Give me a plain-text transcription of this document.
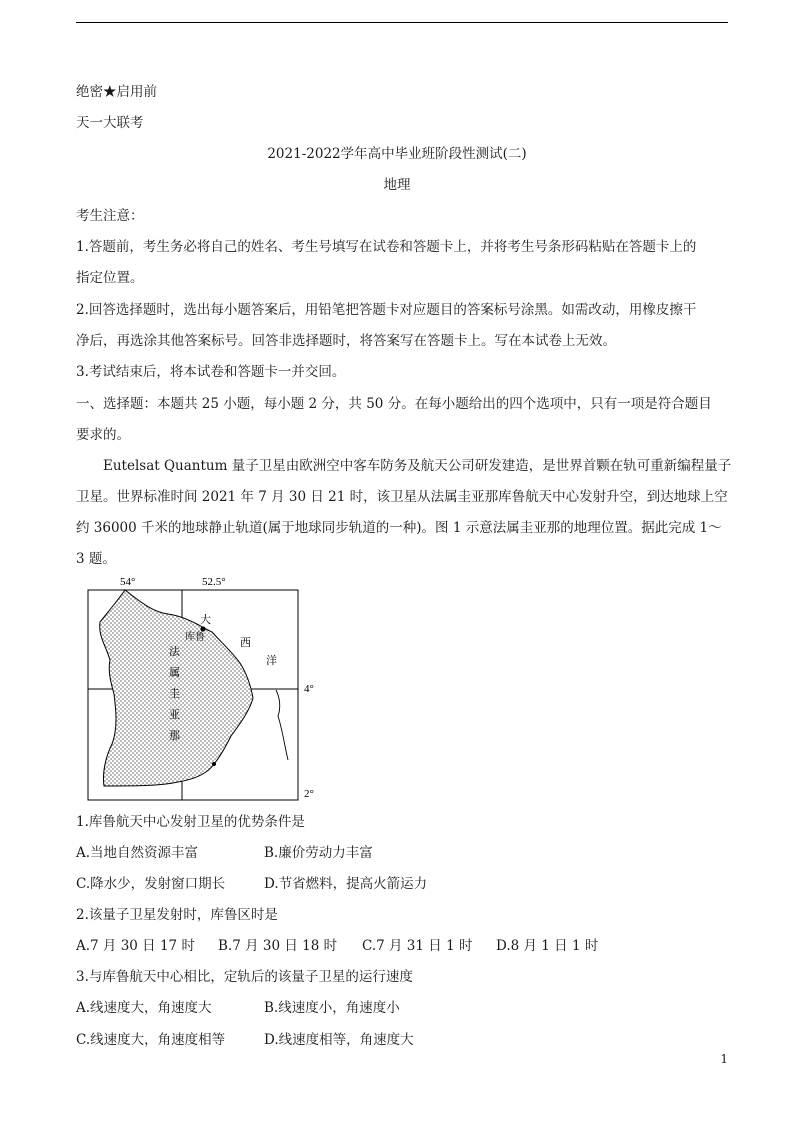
绝密★启用前
天一大联考
2021-2022学年高中毕业班阶段性测试(二)
地理
考生注意：
1.答题前，考生务必将自己的姓名、考生号填写在试卷和答题卡上，并将考生号条形码粘贴在答题卡上的
指定位置。
2.回答选择题时，选出每小题答案后，用铅笔把答题卡对应题目的答案标号涂黑。如需改动，用橡皮擦干
净后，再选涂其他答案标号。回答非选择题时，将答案写在答题卡上。写在本试卷上无效。
3.考试结束后，将本试卷和答题卡一并交回。
一、选择题：本题共 25 小题，每小题 2 分，共 50 分。在每小题给出的四个选项中，只有一项是符合题目
要求的。
Eutelsat Quantum 量子卫星由欧洲空中客车防务及航天公司研发建造，是世界首颗在轨可重新编程量子
卫星。世界标准时间 2021 年 7 月 30 日 21 时，该卫星从法属圭亚那库鲁航天中心发射升空，到达地球上空
约 36000 千米的地球静止轨道(属于地球同步轨道的一种)。图 1 示意法属圭亚那的地理位置。据此完成 1～
3 题。
54°	52.5°
4°
2°
库鲁
法
属
圭
亚
那
大
西
洋
1.库鲁航天中心发射卫星的优势条件是
A.当地自然资源丰富	B.廉价劳动力丰富
C.降水少，发射窗口期长	D.节省燃料，提高火箭运力
2.该量子卫星发射时，库鲁区时是
A.7 月 30 日 17 时 B.7 月 30 日 18 时 C.7 月 31 日 1 时 D.8 月 1 日 1 时
3.与库鲁航天中心相比，定轨后的该量子卫星的运行速度
A.线速度大，角速度大	B.线速度小，角速度小
C.线速度大，角速度相等	D.线速度相等，角速度大
1
